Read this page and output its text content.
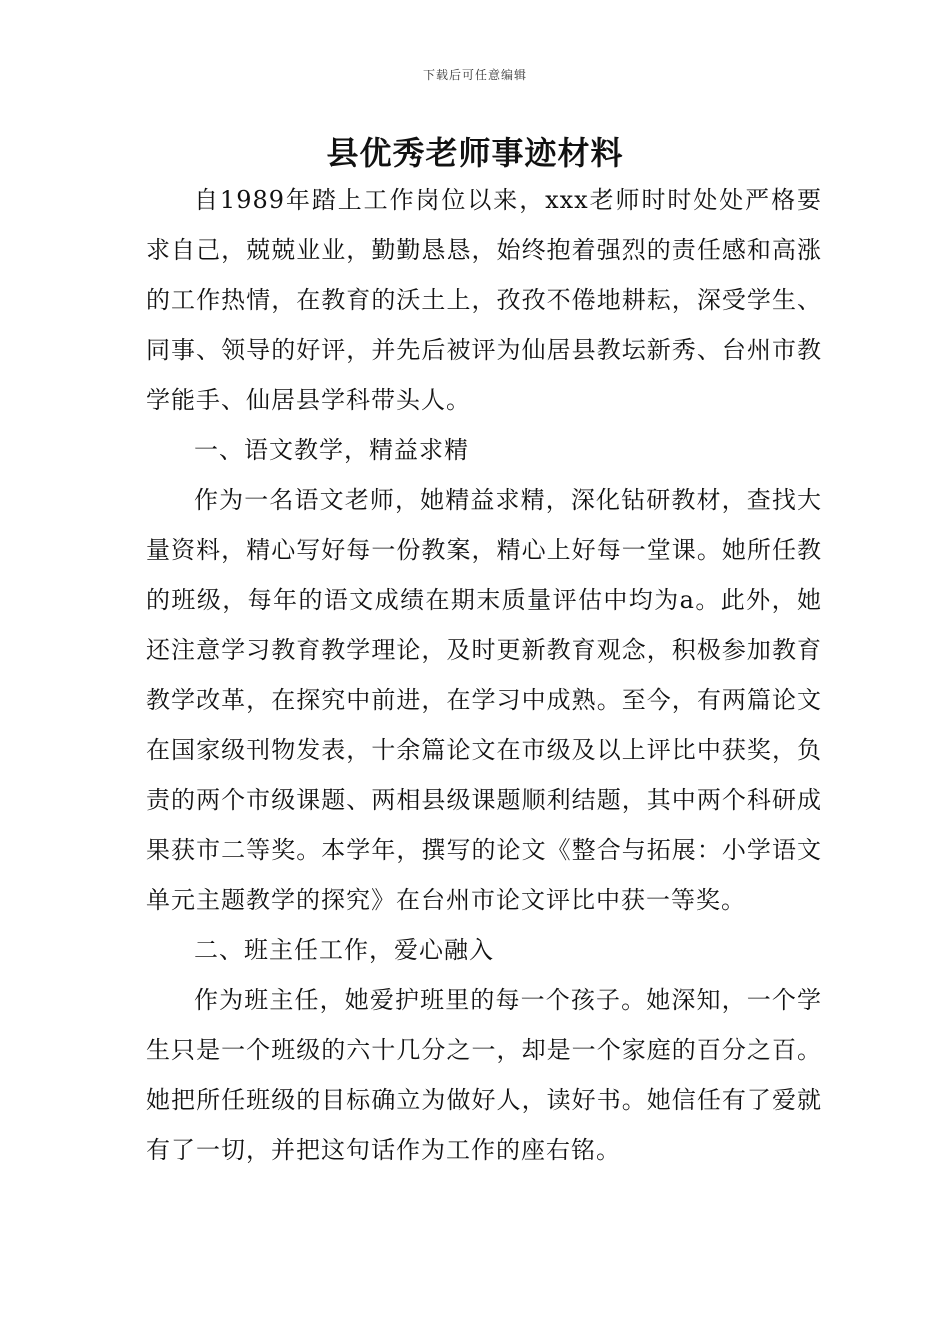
下载后可任意编辑
县优秀老师事迹材料

自1989年踏上工作岗位以来，xxx老师时时处处严格要求自己，兢兢业业，勤勤恳恳，始终抱着强烈的责任感和高涨的工作热情，在教育的沃土上，孜孜不倦地耕耘，深受学生、同事、领导的好评，并先后被评为仙居县教坛新秀、台州市教学能手、仙居县学科带头人。

一、语文教学，精益求精

作为一名语文老师，她精益求精，深化钻研教材，查找大量资料，精心写好每一份教案，精心上好每一堂课。她所任教的班级，每年的语文成绩在期末质量评估中均为a。此外，她还注意学习教育教学理论，及时更新教育观念，积极参加教育教学改革，在探究中前进，在学习中成熟。至今，有两篇论文在国家级刊物发表，十余篇论文在市级及以上评比中获奖，负责的两个市级课题、两相县级课题顺利结题，其中两个科研成果获市二等奖。本学年，撰写的论文《整合与拓展：小学语文单元主题教学的探究》在台州市论文评比中获一等奖。

二、班主任工作，爱心融入

作为班主任，她爱护班里的每一个孩子。她深知，一个学生只是一个班级的六十几分之一，却是一个家庭的百分之百。她把所任班级的目标确立为做好人，读好书。她信任有了爱就有了一切，并把这句话作为工作的座右铭。
